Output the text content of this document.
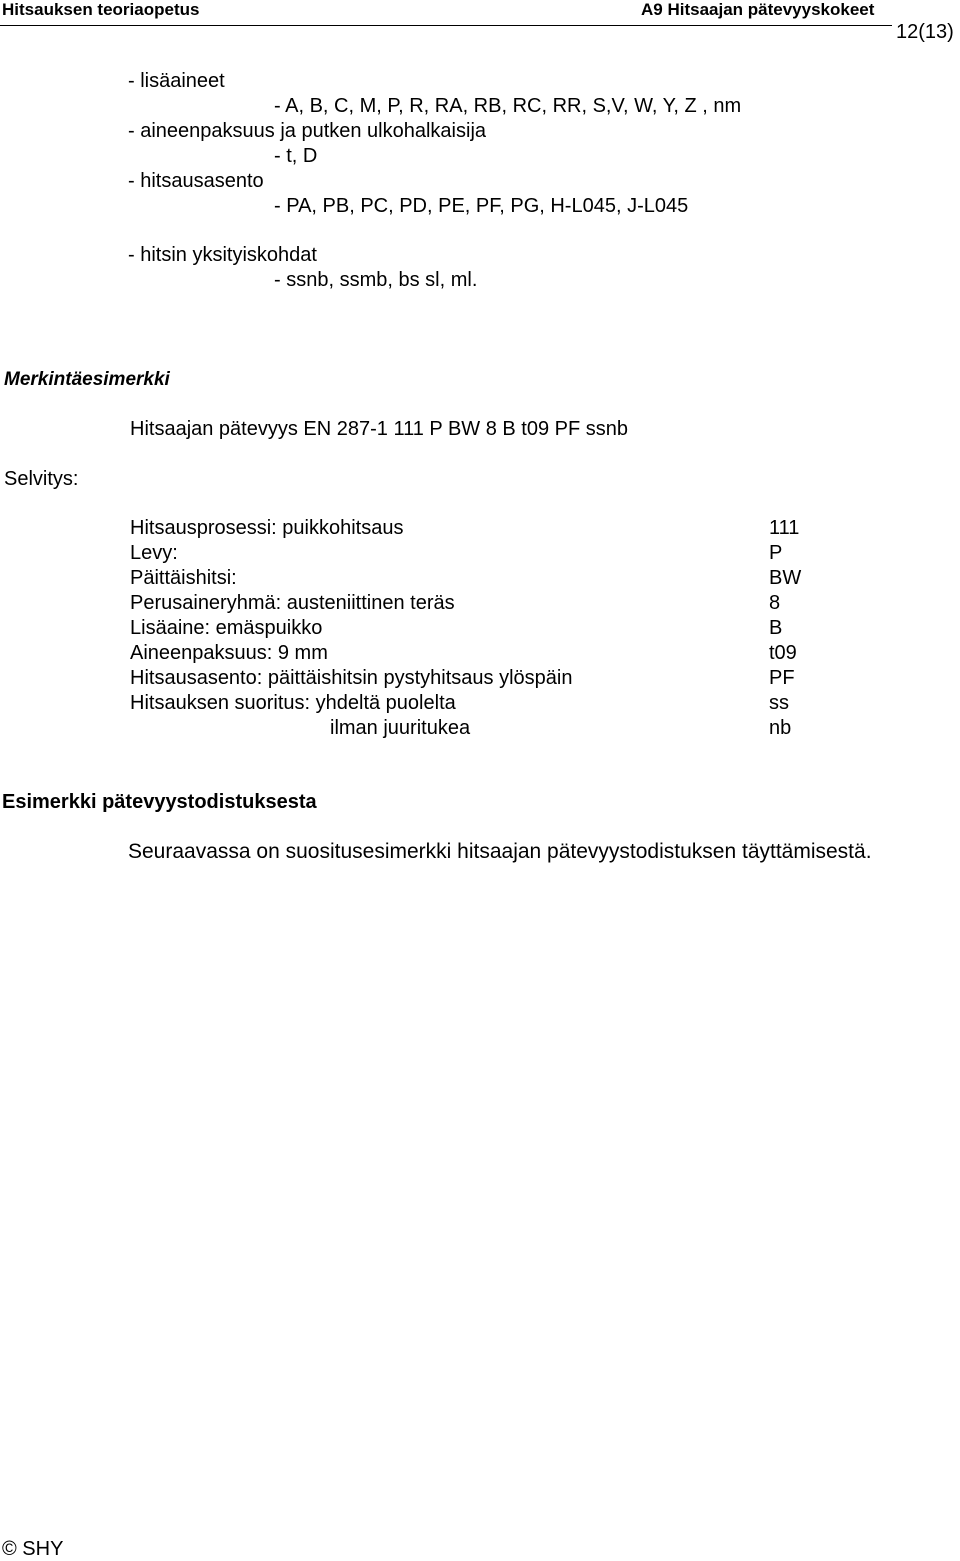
Hitsauksen teoriaopetus	A9 Hitsaajan pätevyyskokeet
12(13)
- lisäaineet
- A, B, C, M, P, R, RA, RB, RC, RR, S,V, W, Y, Z , nm
- aineenpaksuus ja putken ulkohalkaisija
- t, D
- hitsausasento
- PA, PB, PC, PD, PE, PF, PG, H-L045, J-L045
- hitsin yksityiskohdat
- ssnb, ssmb, bs sl, ml.
Merkintäesimerkki
Hitsaajan pätevyys EN 287-1 111 P BW 8 B t09 PF ssnb
Selvitys:
Hitsausprosessi: puikkohitsaus	111
Levy:	P
Päittäishitsi:	BW
Perusaineryhmä: austeniittinen teräs	8
Lisäaine: emäspuikko	B
Aineenpaksuus: 9 mm	t09
Hitsausasento: päittäishitsin pystyhitsaus ylöspäin	PF
Hitsauksen suoritus: yhdeltä puolelta	ss
ilman juuritukea	nb
Esimerkki pätevyystodistuksesta
Seuraavassa on suositusesimerkki hitsaajan pätevyystodistuksen täyttämisestä.
© SHY
